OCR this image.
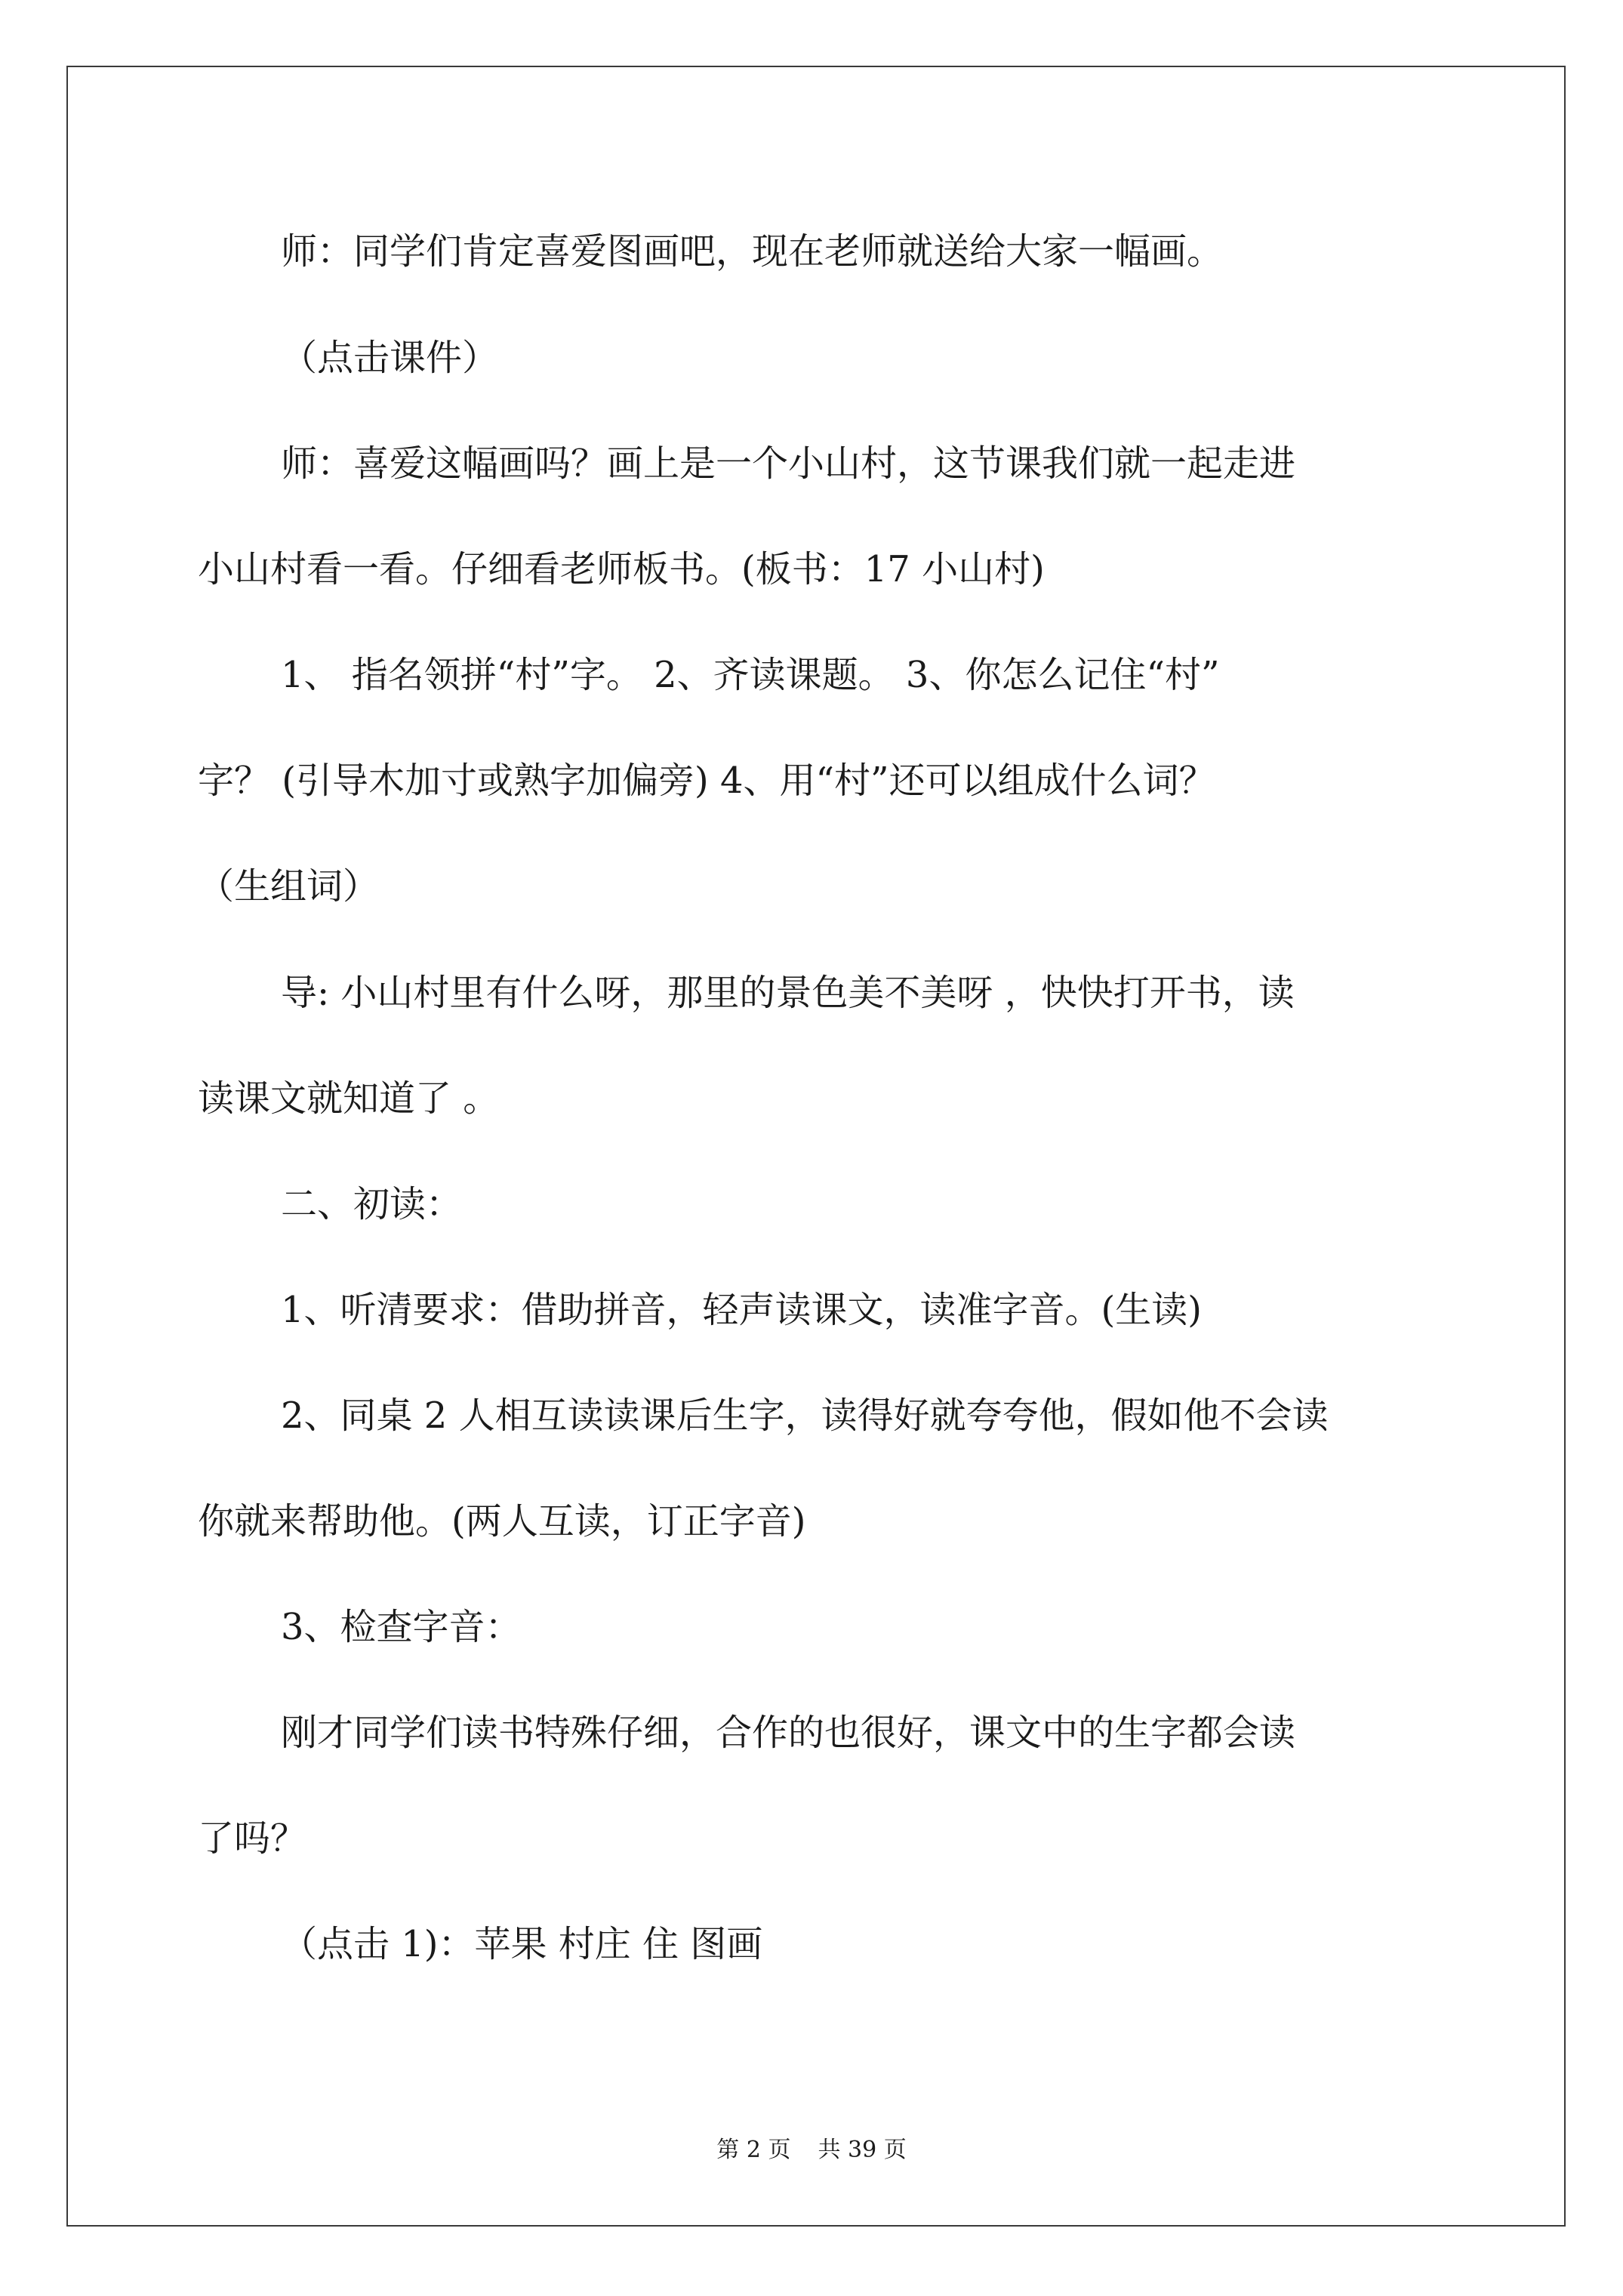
师：同学们肯定喜爱图画吧，现在老师就送给大家一幅画。
（点击课件）
师：喜爱这幅画吗？画上是一个小山村，这节课我们就一起走进
小山村看一看。仔细看老师板书。(板书：17 小山村)
1、 指名领拼“村”字。 2、齐读课题。 3、你怎么记住“村”
字？ (引导木加寸或熟字加偏旁) 4、用“村”还可以组成什么词？
（生组词）
导: 小山村里有什么呀，那里的景色美不美呀 ，快快打开书，读
读课文就知道了 。
二、初读：
1、听清要求：借助拼音，轻声读课文，读准字音。(生读)
2、同桌 2 人相互读读课后生字，读得好就夸夸他，假如他不会读
你就来帮助他。(两人互读，订正字音)
3、检查字音：
刚才同学们读书特殊仔细，合作的也很好，课文中的生字都会读
了吗？
（点击 1)：苹果 村庄 住 图画
第 2 页 共 39 页
